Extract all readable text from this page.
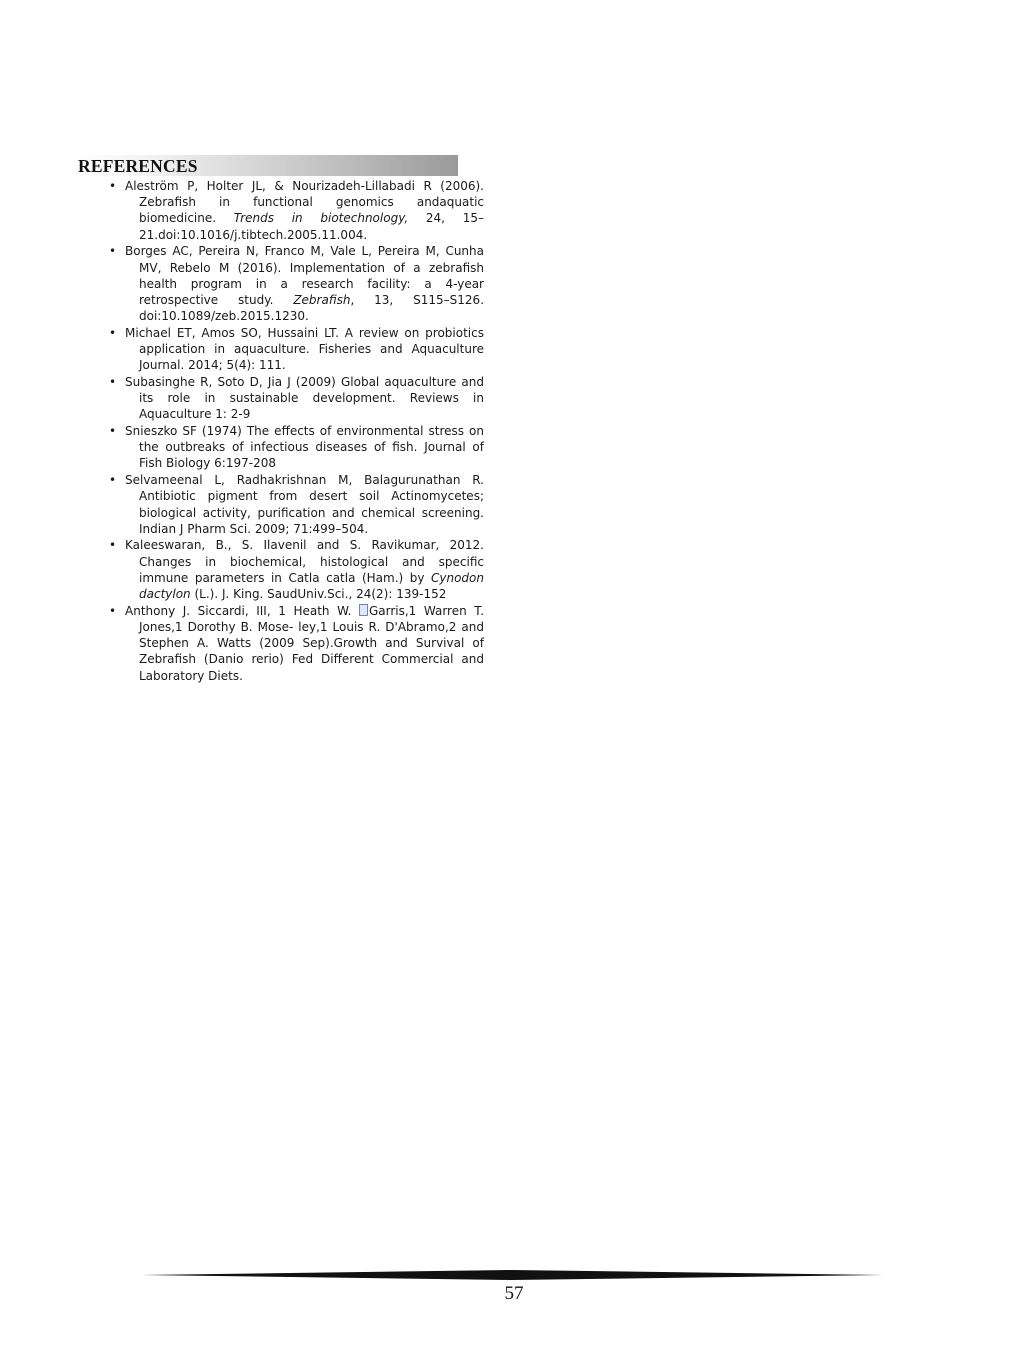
REFERENCES
• Aleström P, Holter JL, & Nourizadeh-Lillabadi R (2006). Zebrafish in functional genomics andaquatic biomedicine. Trends in biotechnology, 24, 15–21.doi:10.1016/j.tibtech.2005.11.004.
• Borges AC, Pereira N, Franco M, Vale L, Pereira M, Cunha MV, Rebelo M (2016). Implementation of a zebrafish health program in a research facility: a 4-year retrospective study. Zebrafish, 13, S115–S126. doi:10.1089/zeb.2015.1230.
• Michael ET, Amos SO, Hussaini LT. A review on probiotics application in aquaculture. Fisheries and Aquaculture Journal. 2014; 5(4): 111.
• Subasinghe R, Soto D, Jia J (2009) Global aquaculture and its role in sustainable development. Reviews in Aquaculture 1: 2-9
• Snieszko SF (1974) The effects of environmental stress on the outbreaks of infectious diseases of fish. Journal of Fish Biology 6:197-208
• Selvameenal L, Radhakrishnan M, Balagurunathan R. Antibiotic pigment from desert soil Actinomycetes; biological activity, purification and chemical screening. Indian J Pharm Sci. 2009; 71:499–504.
• Kaleeswaran, B., S. Ilavenil and S. Ravikumar, 2012. Changes in biochemical, histological and specific immune parameters in Catla catla (Ham.) by Cynodon dactylon (L.). J. King. SaudUniv.Sci., 24(2): 139-152
• Anthony J. Siccardi, III, 1 Heath W. Garris,1 Warren T. Jones,1 Dorothy B. Mose- ley,1 Louis R. D'Abramo,2 and Stephen A. Watts (2009 Sep).Growth and Survival of Zebrafish (Danio rerio) Fed Different Commercial and Laboratory Diets.
57
